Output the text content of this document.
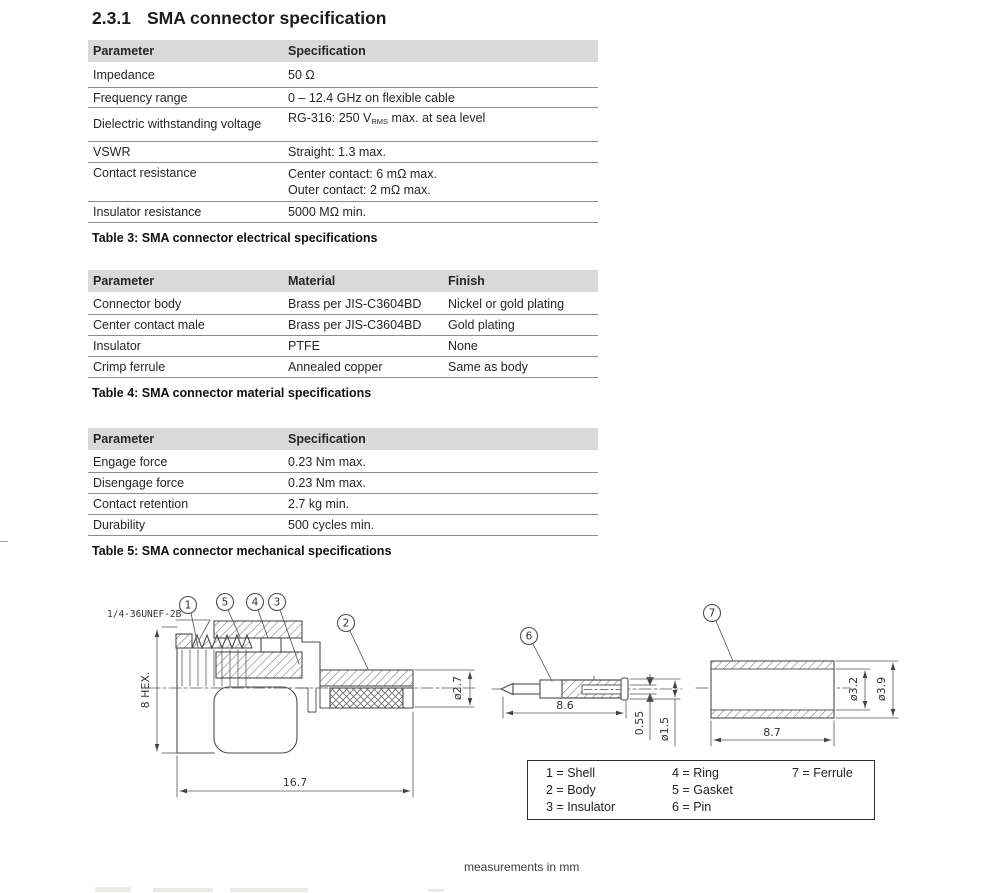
2.3.1 SMA connector specification
Parameter	Specification
Impedance	50 Ω
Frequency range	0 – 12.4 GHz on flexible cable
Dielectric withstanding voltage	RG-316: 250 $V_{RMS}$ max. at sea level
VSWR	Straight: 1.3 max.
Contact resistance	Center contact: 6 mΩ max.
Outer contact: 2 mΩ max.
Insulator resistance	5000 MΩ min.
Table 3: SMA connector electrical specifications
Parameter	Material	Finish
Connector body	Brass per JIS-C3604BD	Nickel or gold plating
Center contact male	Brass per JIS-C3604BD	Gold plating
Insulator	PTFE	None
Crimp ferrule	Annealed copper	Same as body
Table 4: SMA connector material specifications
Parameter	Specification
Engage force	0.23 Nm max.
Disengage force	0.23 Nm max.
Contact retention	2.7 kg min.
Durability	500 cycles min.
Table 5: SMA connector mechanical specifications
1/4-36UNEF-2B
1	5 4 3
2
8 HEX.
16.7
ø2.7
6
8.6
0.55 ø1.5
7
ø3.2 ø3.9
8.7
1 = Shell
2 = Body
3 = Insulator
4 = Ring
5 = Gasket
6 = Pin
7 = Ferrule
measurements in mm
